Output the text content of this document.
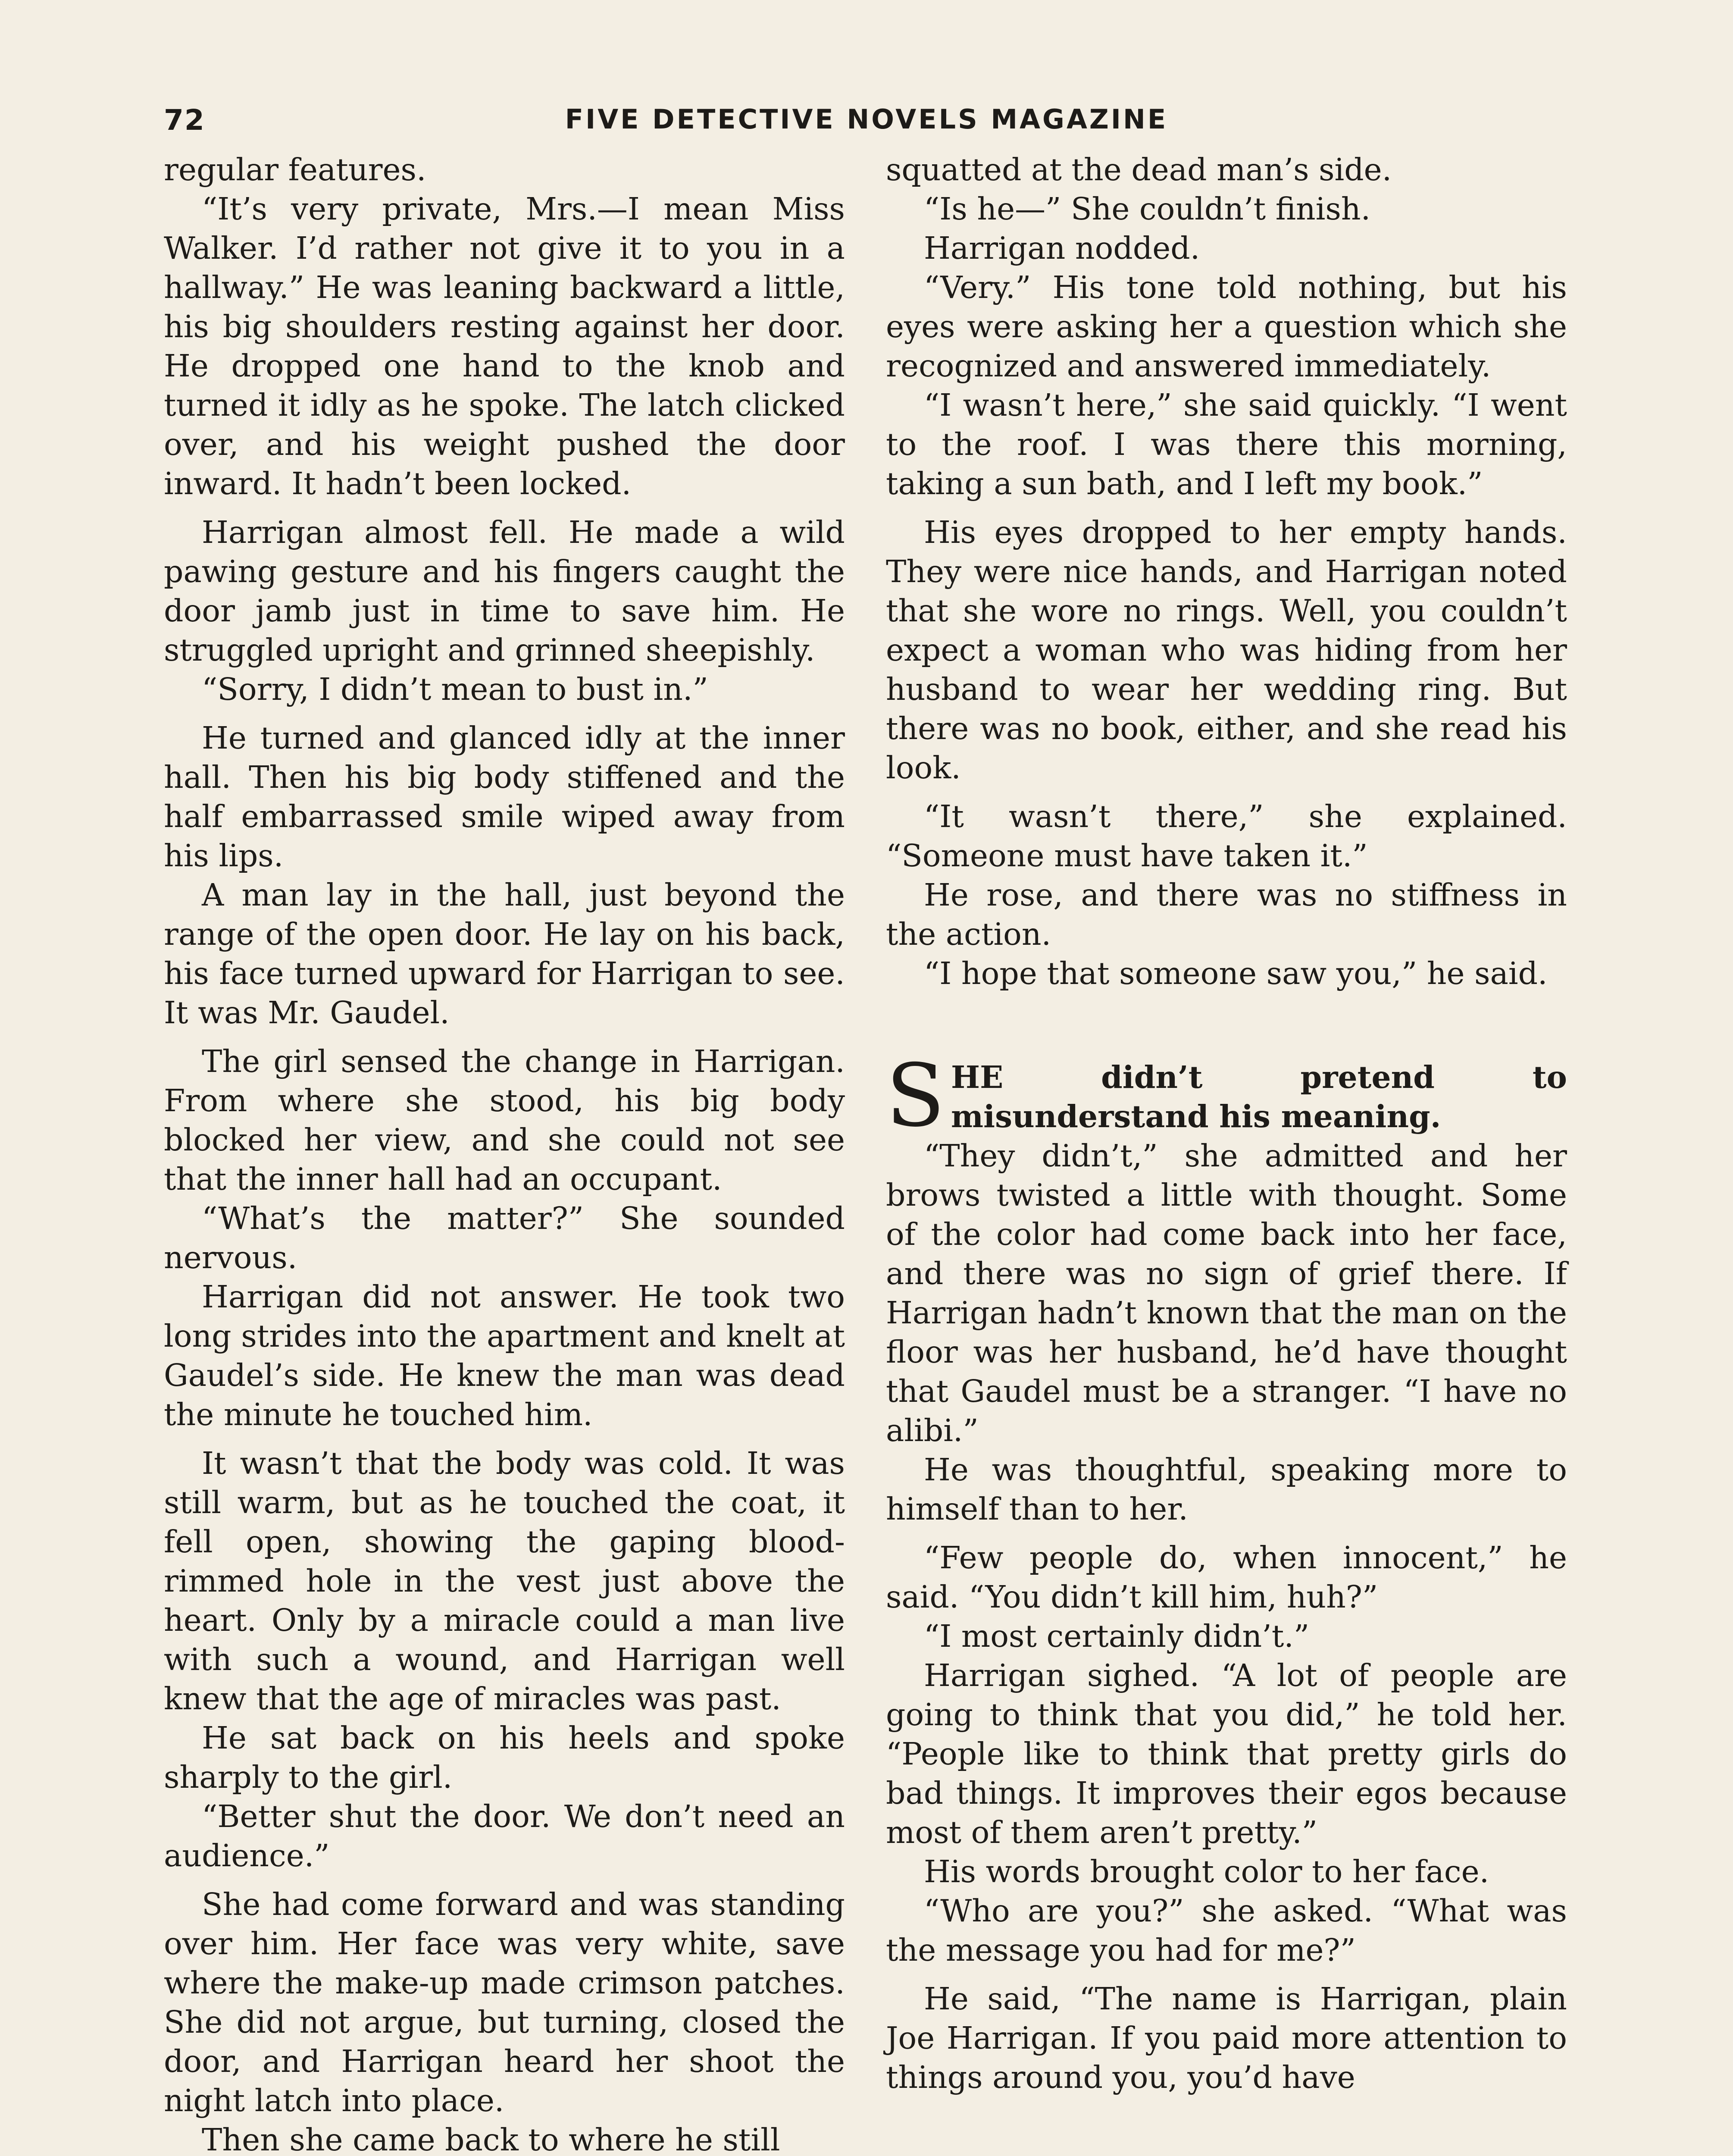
72	FIVE DETECTIVE NOVELS MAGAZINE

regular features.

“It’s very private, Mrs.—I mean Miss Walker. I’d rather not give it to you in a hallway.” He was leaning backward a little, his big shoulders resting against her door. He dropped one hand to the knob and turned it idly as he spoke. The latch clicked over, and his weight pushed the door inward. It hadn’t been locked.

Harrigan almost fell. He made a wild pawing gesture and his fingers caught the door jamb just in time to save him. He struggled upright and grinned sheepishly.

“Sorry, I didn’t mean to bust in.”

He turned and glanced idly at the inner hall. Then his big body stiffened and the half embarrassed smile wiped away from his lips.

A man lay in the hall, just beyond the range of the open door. He lay on his back, his face turned upward for Harrigan to see. It was Mr. Gaudel.

The girl sensed the change in Harrigan. From where she stood, his big body blocked her view, and she could not see that the inner hall had an occupant.

“What’s the matter?” She sounded nervous.

Harrigan did not answer. He took two long strides into the apartment and knelt at Gaudel’s side. He knew the man was dead the minute he touched him.

It wasn’t that the body was cold. It was still warm, but as he touched the coat, it fell open, showing the gaping blood-rimmed hole in the vest just above the heart. Only by a miracle could a man live with such a wound, and Harrigan well knew that the age of miracles was past.

He sat back on his heels and spoke sharply to the girl.

“Better shut the door. We don’t need an audience.”

She had come forward and was standing over him. Her face was very white, save where the make-up made crimson patches. She did not argue, but turning, closed the door, and Harrigan heard her shoot the night latch into place.

Then she came back to where he still

squatted at the dead man’s side.

“Is he—” She couldn’t finish.

Harrigan nodded.

“Very.” His tone told nothing, but his eyes were asking her a question which she recognized and answered immediately.

“I wasn’t here,” she said quickly. “I went to the roof. I was there this morning, taking a sun bath, and I left my book.”

His eyes dropped to her empty hands. They were nice hands, and Harrigan noted that she wore no rings. Well, you couldn’t expect a woman who was hiding from her husband to wear her wedding ring. But there was no book, either, and she read his look.

“It wasn’t there,” she explained. “Someone must have taken it.”

He rose, and there was no stiffness in the action.

“I hope that someone saw you,” he said.

SHE didn’t pretend to misunderstand his meaning.

“They didn’t,” she admitted and her brows twisted a little with thought. Some of the color had come back into her face, and there was no sign of grief there. If Harrigan hadn’t known that the man on the floor was her husband, he’d have thought that Gaudel must be a stranger. “I have no alibi.”

He was thoughtful, speaking more to himself than to her.

“Few people do, when innocent,” he said. “You didn’t kill him, huh?”

“I most certainly didn’t.”

Harrigan sighed. “A lot of people are going to think that you did,” he told her. “People like to think that pretty girls do bad things. It improves their egos because most of them aren’t pretty.”

His words brought color to her face.

“Who are you?” she asked. “What was the message you had for me?”

He said, “The name is Harrigan, plain Joe Harrigan. If you paid more attention to things around you, you’d have
